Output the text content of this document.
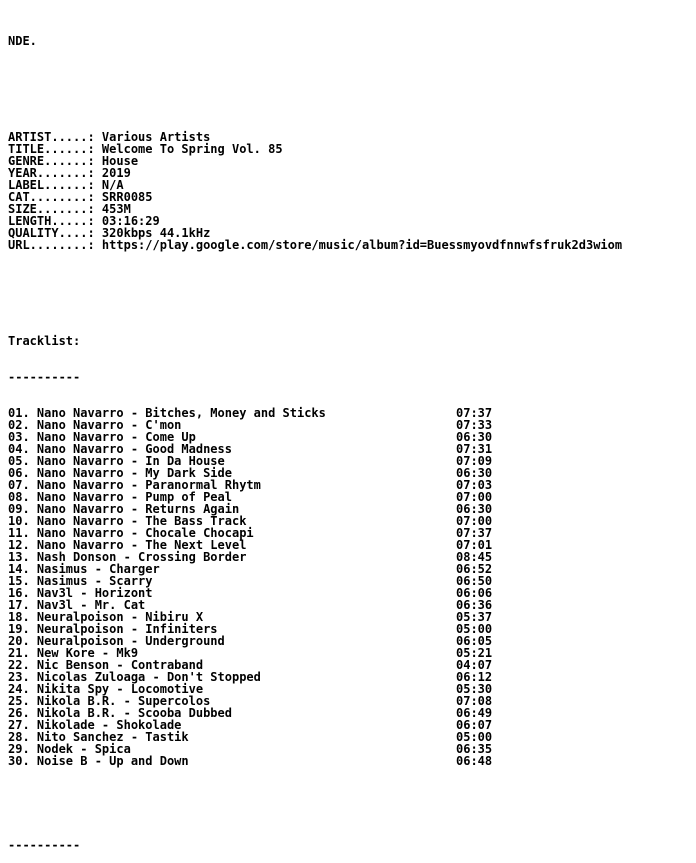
NDE.

ARTIST.....: Various Artists
TITLE......: Welcome To Spring Vol. 85
GENRE......: House
YEAR.......: 2019
LABEL......: N/A
CAT........: SRR0085
SIZE.......: 453M
LENGTH.....: 03:16:29
QUALITY....: 320kbps 44.1kHz
URL........: https://play.google.com/store/music/album?id=Buessmyovdfnnwfsfruk2d3wiom

Tracklist:

----------

01. Nano Navarro - Bitches, Money and Sticks	07:37
02. Nano Navarro - C'mon	07:33
03. Nano Navarro - Come Up	06:30
04. Nano Navarro - Good Madness	07:31
05. Nano Navarro - In Da House	07:09
06. Nano Navarro - My Dark Side	06:30
07. Nano Navarro - Paranormal Rhytm	07:03
08. Nano Navarro - Pump of Peal	07:00
09. Nano Navarro - Returns Again	06:30
10. Nano Navarro - The Bass Track	07:00
11. Nano Navarro - Chocale Chocapi	07:37
12. Nano Navarro - The Next Level	07:01
13. Nash Donson - Crossing Border	08:45
14. Nasimus - Charger	06:52
15. Nasimus - Scarry	06:50
16. Nav3l - Horizont	06:06
17. Nav3l - Mr. Cat	06:36
18. Neuralpoison - Nibiru X	05:37
19. Neuralpoison - Infiniters	05:00
20. Neuralpoison - Underground	06:05
21. New Kore - Mk9	05:21
22. Nic Benson - Contraband	04:07
23. Nicolas Zuloaga - Don't Stopped	06:12
24. Nikita Spy - Locomotive	05:30
25. Nikola B.R. - Supercolos	07:08
26. Nikola B.R. - Scooba Dubbed	06:49
27. Nikolade - Shokolade	06:07
28. Nito Sanchez - Tastik	05:00
29. Nodek - Spica	06:35
30. Noise B - Up and Down	06:48

----------
